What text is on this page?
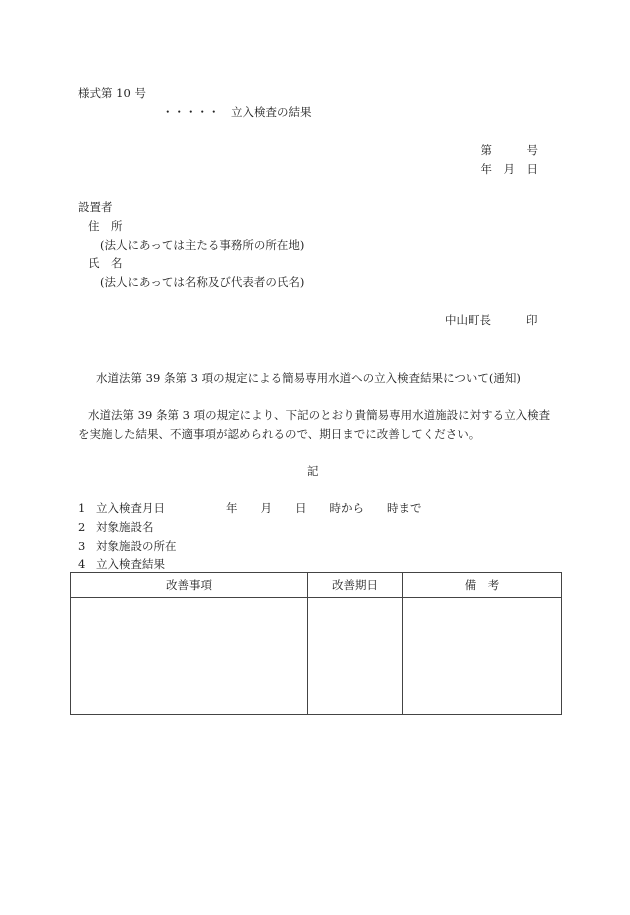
様式第 10 号
・・・・・　立入検査の結果
第　　　号
年　月　日
設置者
住　所
(法人にあっては主たる事務所の所在地)
氏　名
(法人にあっては名称及び代表者の氏名)
中山町長	印
水道法第 39 条第 3 項の規定による簡易専用水道への立入検査結果について(通知)
水道法第 39 条第 3 項の規定により、下記のとおり貴簡易専用水道施設に対する立入検査
を実施した結果、不適事項が認められるので、期日までに改善してください。
記
1 立入検査月日	年　　月　　日　　時から　　時まで
2 対象施設名
3 対象施設の所在
4 立入検査結果
改善事項	改善期日	備　考
